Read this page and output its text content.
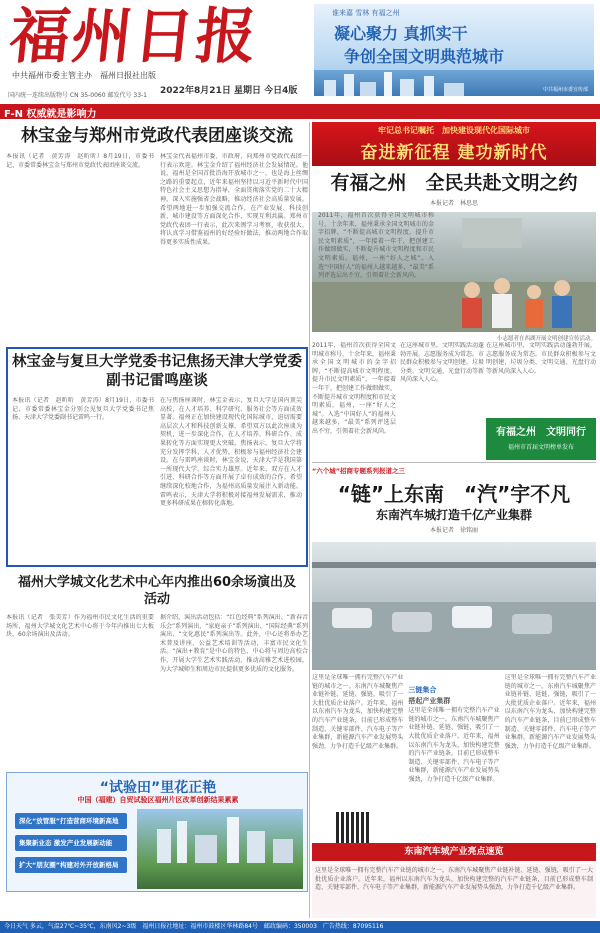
福州日报
中共福州市委主管主办　福州日报社出版
2022年8月21日 星期日 今日4版
国内统一连续出版物号 CN 35-0060 邮发代号 33-1
谁来嘉 雪林 有福之州
凝心聚力 真抓实干
争创全国文明典范城市
中共福州市委宣传部
F-N 权威就是影响力
林宝金与郑州市党政代表团座谈交流
本报讯（记者　黄芳涛　赵昕昕）8月19日，市委书记、市委常委林宝金与郑州市党政代表团座谈交流。
林宝金代表福州市委、市政府，向郑州市党政代表团一行表示欢迎。林宝金介绍了福州经济社会发展情况。他说，福州是全国首批沿海开放城市之一，也是海上丝绸之路的重要起点，近年来福州坚持以习近平新时代中国特色社会主义思想为指导，全面贯彻落实党的二十大精神，深入实施强省会战略，推动经济社会高质量发展。希望两地进一步加强交流合作，在产业发展、科技创新、城市建设等方面深化合作，实现互利共赢。郑州市党政代表团一行表示，此次来闽学习考察，收获很大，将认真学习借鉴福州的好经验好做法，推动两地合作取得更多实质性成果。
林宝金与复旦大学党委书记焦扬天津大学党委副书记雷鸣座谈
本报讯（记者　赵昕昕　黄芳涛）8月19日，市委书记、市委常委林宝金分别会见复旦大学党委书记焦扬、天津大学党委副书记雷鸣一行。
在与焦扬座谈时，林宝金表示，复旦大学是国内顶尖高校，在人才培养、科学研究、服务社会等方面成效显著。福州正在加快建设现代化国际城市，迫切需要高层次人才和科技创新支撑，希望双方以此次座谈为契机，进一步深化合作，在人才培养、科研合作、成果转化等方面实现更大突破。焦扬表示，复旦大学将充分发挥学科、人才优势，积极参与福州经济社会建设。在与雷鸣座谈时，林宝金说，天津大学是我国第一所现代大学，综合实力雄厚。近年来，双方在人才引进、科研合作等方面开展了卓有成效的合作。希望继续深化校地合作，为福州高质量发展注入新动能。雷鸣表示，天津大学将积极对接福州发展需求，推动更多科研成果在榕转化落地。
福州大学城文化艺术中心年内推出60余场演出及活动
本报讯（记者　张美芳）作为福州市民文化生活的重要场所，福州大学城文化艺术中心将于今年内推出七大板块，60余场演出及活动。
据介绍，演出活动包括：“红色经典”系列演出、“新春音乐会”系列演出、“家庭亲子”系列演出、“国际经典”系列演出、“文化惠民”系列演出等。此外，中心还将举办艺术普及讲座、公益艺术培训等活动，丰富市民文化生活。“演出+教育”是中心的特色，中心将与周边高校合作，开展大学生艺术实践活动，推动高雅艺术进校园，为大学城师生和周边市民提供更多优质的文化服务。
“试验田”里花正艳
中国（福建）自贸试验区福州片区改革创新结果累累
深化“放管服”打造营商环境新高地
集聚新业态 激发产业发展新动能
扩大“朋友圈”构建对外开放新格局
牢记总书记嘱托　加快建设现代化国际城市
奋进新征程 建功新时代
有福之州　全民共赴文明之约
本报记者　林思思
2011年，福州首次获得全国文明城市称号，十余年来，福州秉承全国文明城市的金字招牌，“不断提高城市文明程度，提升市民文明素质”，一年接着一年干，把创建工作做细做实，不断提升城市文明程度和市民文明素质。福州，一座“好人之城”。入选“中国好人”的福州人越来越多，“最美”系列评选层出不穷，引领着社会新风尚。
小志愿者在西湖开展文明创建宣传活动。
2011年，福州首次获得全国文明城市称号，十余年来，福州秉承全国文明城市的金字招牌，“不断提高城市文明程度，提升市民文明素质”，一年接着一年干，把创建工作做细做实，不断提升城市文明程度和市民文明素质。福州，一座“好人之城”。入选“中国好人”的福州人越来越多，“最美”系列评选层出不穷，引领着社会新风尚。
在这座城市里，文明实践活动蓬勃开展，志愿服务成为常态。市民群众积极参与文明创建，垃圾分类、文明交通、光盘行动等新风尚深入人心。
在这座城市里，文明实践活动蓬勃开展，志愿服务成为常态。市民群众积极参与文明创建，垃圾分类、文明交通、光盘行动等新风尚深入人心。
有福之州　文明同行
福州市首届文明榜单发布
“六个城”招商专题系列报道之三
“链”上东南　“汽”宇不凡
东南汽车城打造千亿产业集群
本报记者　徐铭丽
这里是全球唯一拥有完整汽车产业链的城市之一。东南汽车城聚焦产业链补链、延链、强链，吸引了一大批优质企业落户。近年来，福州以东南汽车为龙头，加快构建完整的汽车产业链条，目前已形成整车制造、关键零部件、汽车电子等产业集群，新能源汽车产业发展势头强劲，力争打造千亿级产业集群。
三链集合
搭起产业集群
这里是全球唯一拥有完整汽车产业链的城市之一。东南汽车城聚焦产业链补链、延链、强链，吸引了一大批优质企业落户。近年来，福州以东南汽车为龙头，加快构建完整的汽车产业链条，目前已形成整车制造、关键零部件、汽车电子等产业集群，新能源汽车产业发展势头强劲，力争打造千亿级产业集群。
这里是全球唯一拥有完整汽车产业链的城市之一。东南汽车城聚焦产业链补链、延链、强链，吸引了一大批优质企业落户。近年来，福州以东南汽车为龙头，加快构建完整的汽车产业链条，目前已形成整车制造、关键零部件、汽车电子等产业集群，新能源汽车产业发展势头强劲，力争打造千亿级产业集群。
东南汽车城产业亮点速览
这里是全球唯一拥有完整汽车产业链的城市之一。东南汽车城聚焦产业链补链、延链、强链，吸引了一大批优质企业落户。近年来，福州以东南汽车为龙头，加快构建完整的汽车产业链条，目前已形成整车制造、关键零部件、汽车电子等产业集群，新能源汽车产业发展势头强劲，力争打造千亿级产业集群。
今日天气 多云，气温27℃~35℃，东南风2~3级　福州日报社地址：福州市鼓楼区华林路84号　邮政编码：350003　广告热线：87095116
